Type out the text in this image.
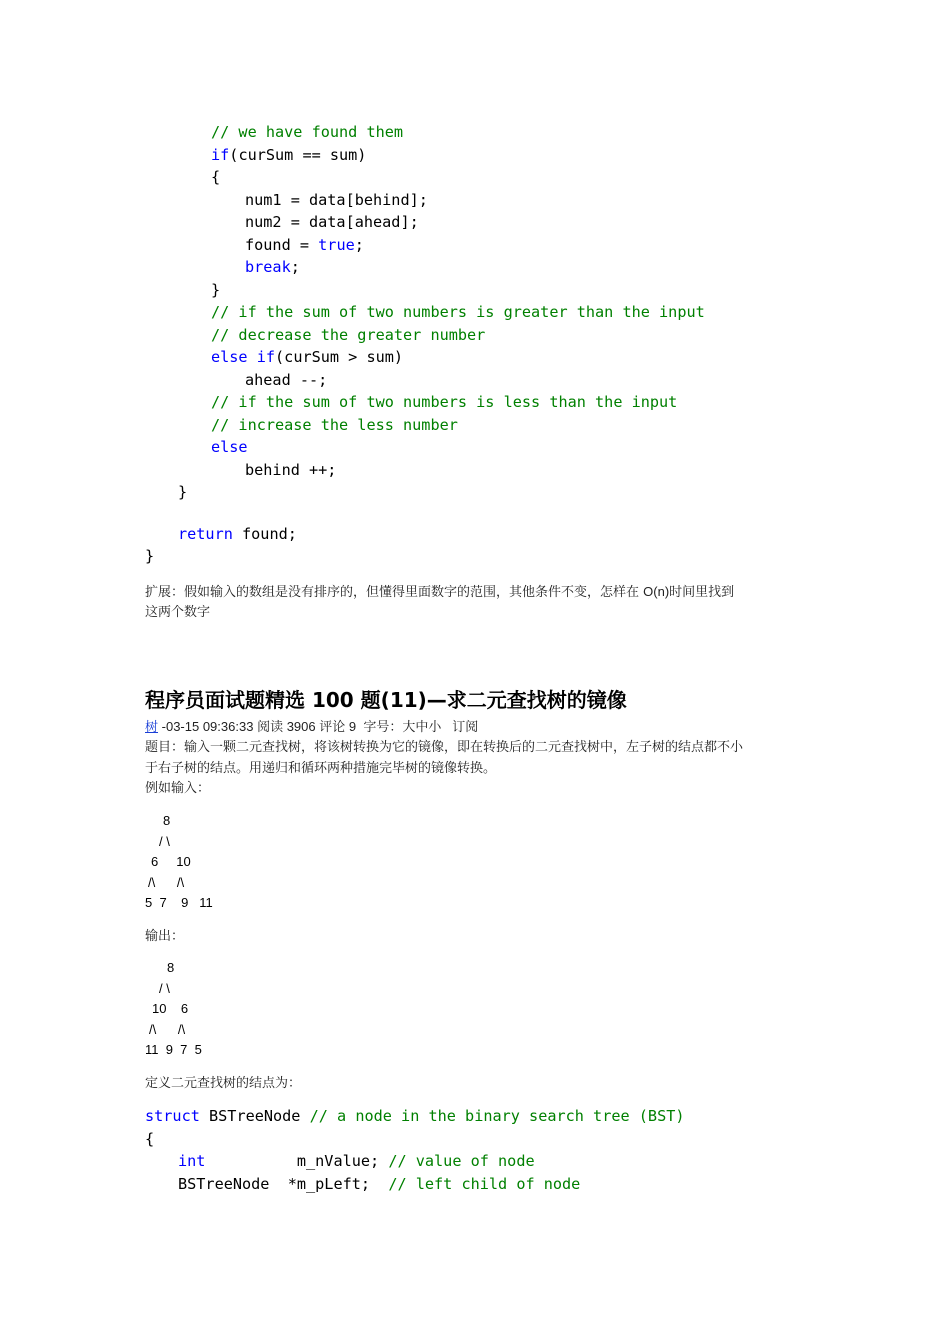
// we have found them
if(curSum == sum)
{
num1 = data[behind];
num2 = data[ahead];
found = true;
break;
}
// if the sum of two numbers is greater than the input
// decrease the greater number
else if(curSum > sum)
ahead --;
// if the sum of two numbers is less than the input
// increase the less number
else
behind ++;
}
return found;
}
扩展：假如输入的数组是没有排序的，但懂得里面数字的范围，其他条件不变，怎样在 O(n)时间里找到
这两个数字
程序员面试题精选 100 题(11)—求二元查找树的镜像
树 -03-15 09:36:33 阅读 3906 评论 9 字号：大中小 订阅
题目：输入一颗二元查找树，将该树转换为它的镜像，即在转换后的二元查找树中，左子树的结点都不小
于右子树的结点。用递归和循环两种措施完毕树的镜像转换。
例如输入：
8
/ \
6     10
/\      /\
5  7    9   11
输出：
8
/ \
10    6
/\      /\
11  9  7  5
定义二元查找树的结点为：
struct BSTreeNode // a node in the binary search tree (BST)
{
int          m_nValue; // value of node
BSTreeNode  *m_pLeft;  // left child of node
